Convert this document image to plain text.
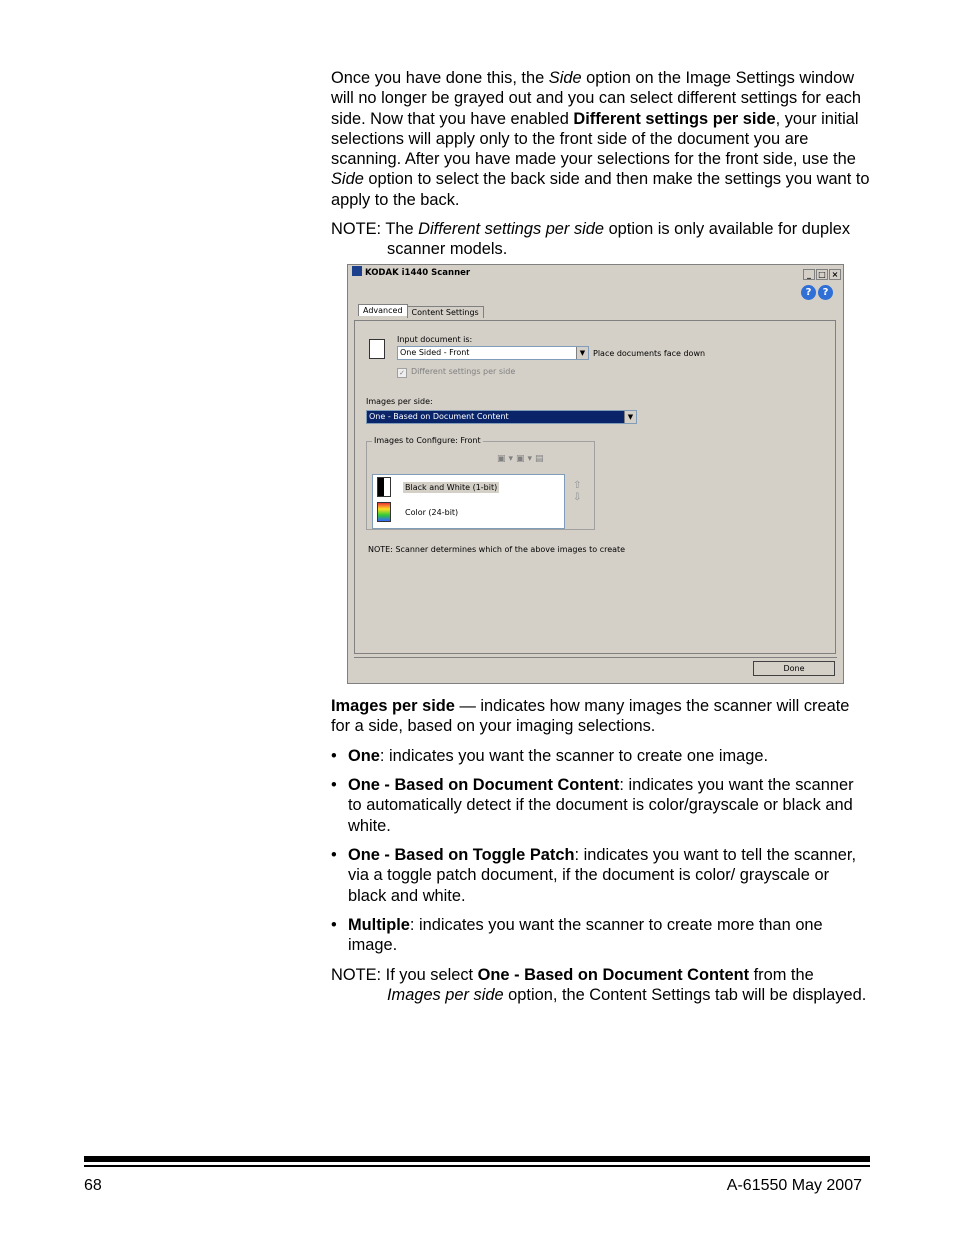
Once you have done this, the Side option on the Image Settings window will no longer be grayed out and you can select different settings for each side. Now that you have enabled Different settings per side, your initial selections will apply only to the front side of the document you are scanning. After you have made your selections for the front side, use the Side option to select the back side and then make the settings you want to apply to the back.

NOTE: The Different settings per side option is only available for duplex scanner models.
KODAK i1440 Scanner	_ □ ×
? ?
Advanced Content Settings
Input document is:
One Sided - Front	▼ Place documents face down
✓ Different settings per side
Images per side:
One - Based on Document Content	▼
Images to Configure: Front
▣▾▣▾▤
Black and White (1-bit)
Color (24-bit)
⇧
⇩
NOTE: Scanner determines which of the above images to create
Done

Images per side — indicates how many images the scanner will create for a side, based on your imaging selections.

• One: indicates you want the scanner to create one image.
• One - Based on Document Content: indicates you want the scanner to automatically detect if the document is color/grayscale or black and white.
• One - Based on Toggle Patch: indicates you want to tell the scanner, via a toggle patch document, if the document is color/ grayscale or black and white.
• Multiple: indicates you want the scanner to create more than one image.
NOTE: If you select One - Based on Document Content from the Images per side option, the Content Settings tab will be displayed.
68	A-61550 May 2007
